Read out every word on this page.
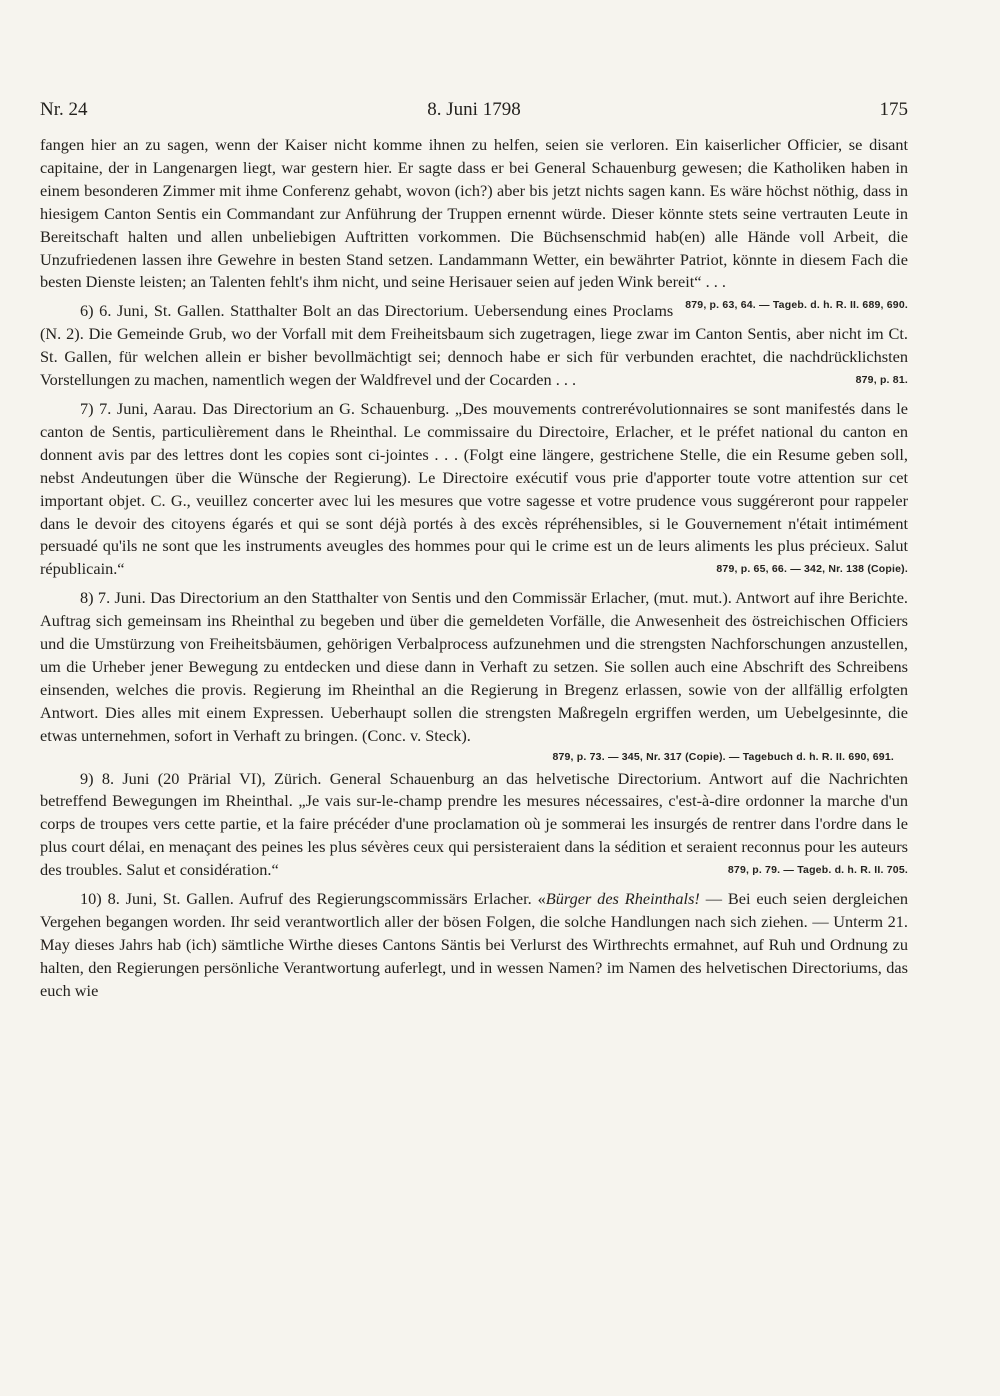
Nr. 24	8. Juni 1798	175

fangen hier an zu sagen, wenn der Kaiser nicht komme ihnen zu helfen, seien sie verloren. Ein kaiserlicher Officier, se disant capitaine, der in Langenargen liegt, war gestern hier. Er sagte dass er bei General Schauenburg gewesen; die Katholiken haben in einem besonderen Zimmer mit ihme Conferenz gehabt, wovon (ich?) aber bis jetzt nichts sagen kann. Es wäre höchst nöthig, dass in hiesigem Canton Sentis ein Commandant zur Anführung der Truppen ernennt würde. Dieser könnte stets seine vertrauten Leute in Bereitschaft halten und allen unbeliebigen Auftritten vorkommen. Die Büchsenschmid hab(en) alle Hände voll Arbeit, die Unzufriedenen lassen ihre Gewehre in besten Stand setzen. Landammann Wetter, ein bewährter Patriot, könnte in diesem Fach die besten Dienste leisten; an Talenten fehlt's ihm nicht, und seine Herisauer seien auf jeden Wink bereit“ . . .
879, p. 63, 64. — Tageb. d. h. R. II. 689, 690.

6) 6. Juni, St. Gallen. Statthalter Bolt an das Directorium. Uebersendung eines Proclams (N. 2). Die Gemeinde Grub, wo der Vorfall mit dem Freiheitsbaum sich zugetragen, liege zwar im Canton Sentis, aber nicht im Ct. St. Gallen, für welchen allein er bisher bevollmächtigt sei; dennoch habe er sich für verbunden erachtet, die nachdrücklichsten Vorstellungen zu machen, namentlich wegen der Waldfrevel und der Cocarden . . .	879, p. 81.

7) 7. Juni, Aarau. Das Directorium an G. Schauenburg. „Des mouvements contrerévolutionnaires se sont manifestés dans le canton de Sentis, particulièrement dans le Rheinthal. Le commissaire du Directoire, Erlacher, et le préfet national du canton en donnent avis par des lettres dont les copies sont ci-jointes . . . (Folgt eine längere, gestrichene Stelle, die ein Resume geben soll, nebst Andeutungen über die Wünsche der Regierung). Le Directoire exécutif vous prie d'apporter toute votre attention sur cet important objet. C. G., veuillez concerter avec lui les mesures que votre sagesse et votre prudence vous suggéreront pour rappeler dans le devoir des citoyens égarés et qui se sont déjà portés à des excès répréhensibles, si le Gouvernement n'était intimément persuadé qu'ils ne sont que les instruments aveugles des hommes pour qui le crime est un de leurs aliments les plus précieux. Salut républicain.“	879, p. 65, 66. — 342, Nr. 138 (Copie).

8) 7. Juni. Das Directorium an den Statthalter von Sentis und den Commissär Erlacher, (mut. mut.). Antwort auf ihre Berichte. Auftrag sich gemeinsam ins Rheinthal zu begeben und über die gemeldeten Vorfälle, die Anwesenheit des östreichischen Officiers und die Umstürzung von Freiheitsbäumen, gehörigen Verbalprocess aufzunehmen und die strengsten Nachforschungen anzustellen, um die Urheber jener Bewegung zu entdecken und diese dann in Verhaft zu setzen. Sie sollen auch eine Abschrift des Schreibens einsenden, welches die provis. Regierung im Rheinthal an die Regierung in Bregenz erlassen, sowie von der allfällig erfolgten Antwort. Dies alles mit einem Expressen. Ueberhaupt sollen die strengsten Maßregeln ergriffen werden, um Uebelgesinnte, die etwas unternehmen, sofort in Verhaft zu bringen. (Conc. v. Steck).
879, p. 73. — 345, Nr. 317 (Copie). — Tagebuch d. h. R. II. 690, 691.

9) 8. Juni (20 Prärial VI), Zürich. General Schauenburg an das helvetische Directorium. Antwort auf die Nachrichten betreffend Bewegungen im Rheinthal. „Je vais sur-le-champ prendre les mesures nécessaires, c'est-à-dire ordonner la marche d'un corps de troupes vers cette partie, et la faire précéder d'une proclamation où je sommerai les insurgés de rentrer dans l'ordre dans le plus court délai, en menaçant des peines les plus sévères ceux qui persisteraient dans la sédition et seraient reconnus pour les auteurs des troubles. Salut et considération.“	879, p. 79. — Tageb. d. h. R. II. 705.

10) 8. Juni, St. Gallen. Aufruf des Regierungscommissärs Erlacher. «Bürger des Rheinthals! — Bei euch seien dergleichen Vergehen begangen worden. Ihr seid verantwortlich aller der bösen Folgen, die solche Handlungen nach sich ziehen. — Unterm 21. May dieses Jahrs hab (ich) sämtliche Wirthe dieses Cantons Säntis bei Verlurst des Wirthrechts ermahnet, auf Ruh und Ordnung zu halten, den Regierungen persönliche Verantwortung auferlegt, und in wessen Namen? im Namen des helvetischen Directoriums, das euch wie
